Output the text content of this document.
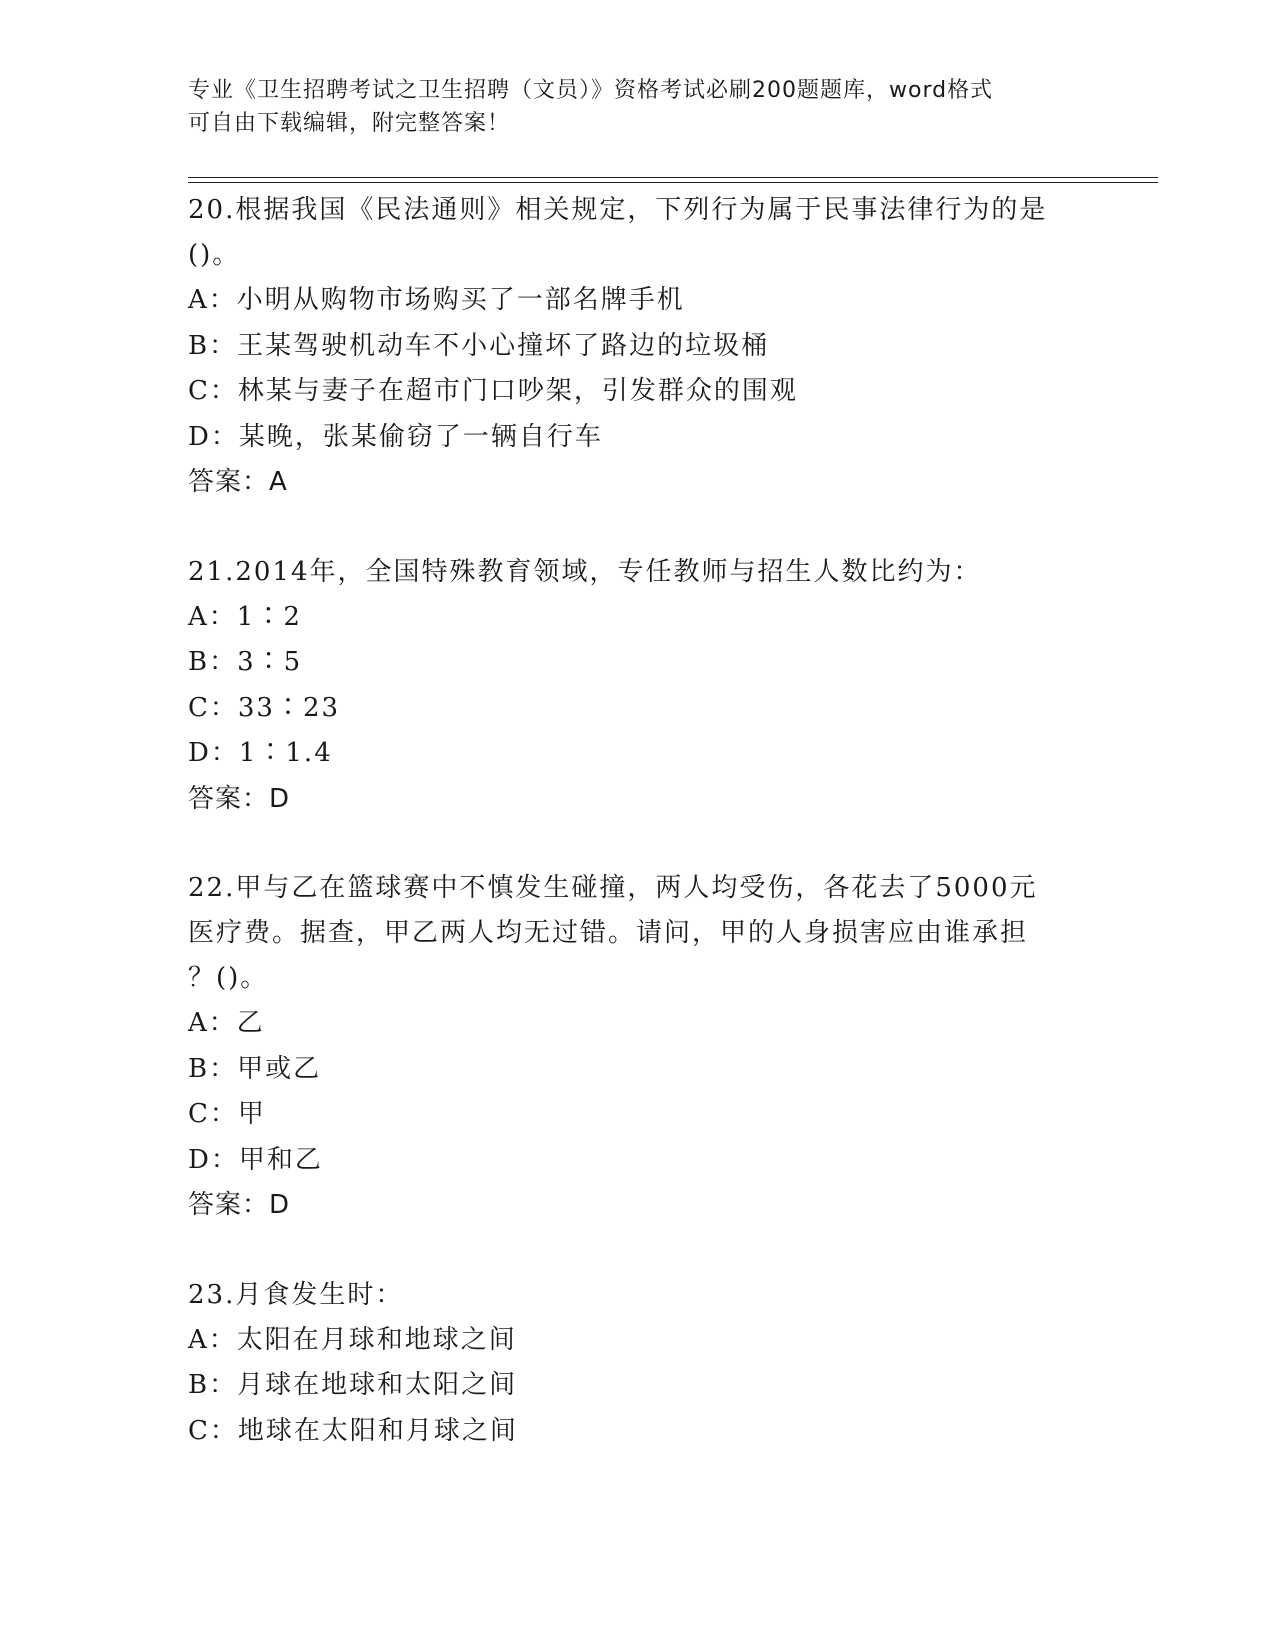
专业《卫生招聘考试之卫生招聘（文员）》资格考试必刷200题题库，word格式
可自由下载编辑，附完整答案！

20.根据我国《民法通则》相关规定，下列行为属于民事法律行为的是

()。

A：小明从购物市场购买了一部名牌手机

B：王某驾驶机动车不小心撞坏了路边的垃圾桶

C：林某与妻子在超市门口吵架，引发群众的围观

D：某晚，张某偷窃了一辆自行车

答案：A

21.2014年，全国特殊教育领域，专任教师与招生人数比约为：

A：1∶2

B：3∶5

C：33∶23

D：1∶1.4

答案：D

22.甲与乙在篮球赛中不慎发生碰撞，两人均受伤，各花去了5000元

医疗费。据查，甲乙两人均无过错。请问，甲的人身损害应由谁承担

？()。

A：乙

B：甲或乙

C：甲

D：甲和乙

答案：D

23.月食发生时：

A：太阳在月球和地球之间

B：月球在地球和太阳之间

C：地球在太阳和月球之间
